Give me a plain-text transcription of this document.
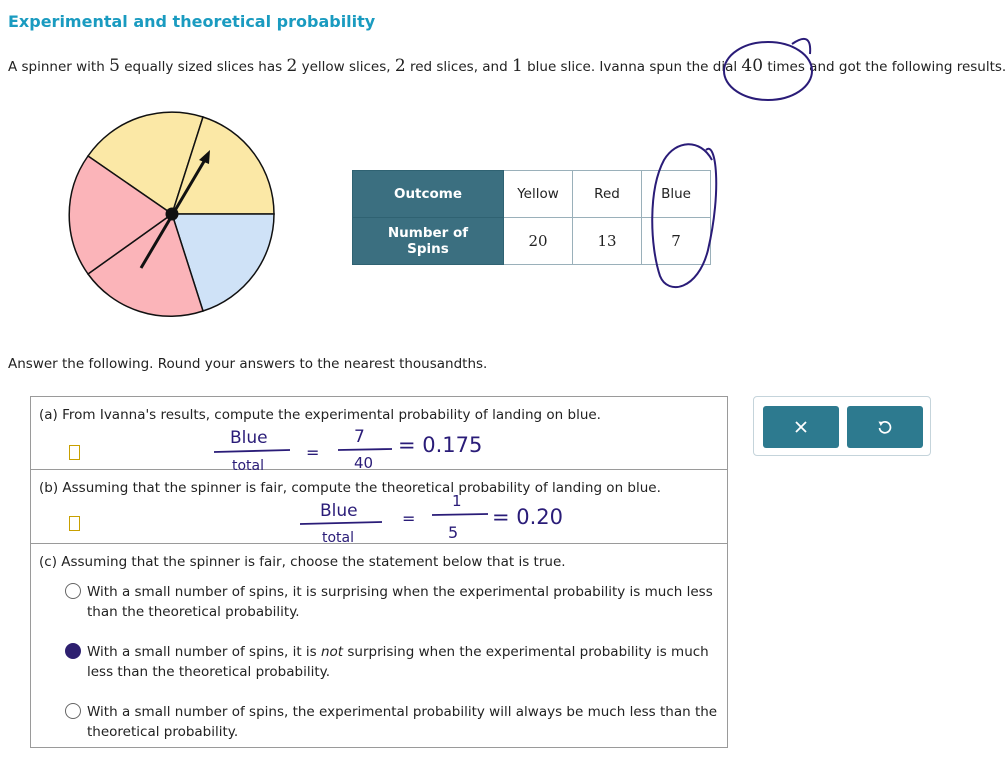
Experimental and theoretical probability
A spinner with 5 equally sized slices has 2 yellow slices, 2 red slices, and 1 blue slice. Ivanna spun the dial 40 times and got the following results.
Outcome	Yellow	Red	Blue
Number of Spins	20	13	7
Answer the following. Round your answers to the nearest thousandths.
(a) From Ivanna's results, compute the experimental probability of landing on blue.
(b) Assuming that the spinner is fair, compute the theoretical probability of landing on blue.
(c) Assuming that the spinner is fair, choose the statement below that is true.
With a small number of spins, it is surprising when the experimental probability is much less than the theoretical probability.
With a small number of spins, it is not surprising when the experimental probability is much less than the theoretical probability.
With a small number of spins, the experimental probability will always be much less than the theoretical probability.
Blue
total
=
7
40
= 0.175
Blue
total
=
1
5
= 0.20
